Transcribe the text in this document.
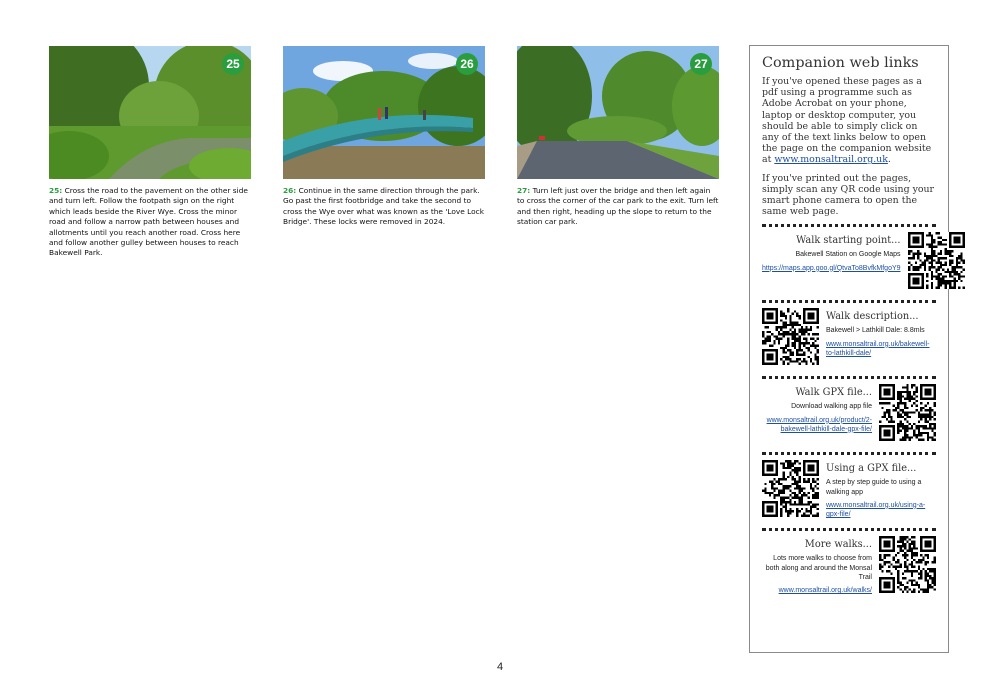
25
25: Cross the road to the pavement on the other side and turn left. Follow the footpath sign on the right which leads beside the River Wye. Cross the minor road and follow a narrow path between houses and allotments until you reach another road. Cross here and follow another gulley between houses to reach Bakewell Park.
26
26: Continue in the same direction through the park. Go past the first footbridge and take the second to cross the Wye over what was known as the 'Love Lock Bridge'. These locks were removed in 2024.
27
27: Turn left just over the bridge and then left again to cross the corner of the car park to the exit. Turn left and then right, heading up the slope to return to the station car park.
4
Companion web links

If you've opened these pages as a pdf using a programme such as Adobe Acrobat on your phone, laptop or desktop computer, you should be able to simply click on any of the text links below to open the page on the companion website at www.monsaltrail.org.uk.

If you've printed out the pages, simply scan any QR code using your smart phone camera to open the same web page.

Walk starting point...
Bakewell Station on Google Maps
https://maps.app.goo.gl/QtvaTo8BvfkMfgoY9
Walk description...
Bakewell > Lathkill Dale: 8.8mls
www.monsaltrail.org.uk/bakewell-to-lathkill-dale/
Walk GPX file...
Download walking app file
www.monsaltrail.org.uk/product/2-bakewell-lathkill-dale-gpx-file/
Using a GPX file...
A step by step guide to using a walking app
www.monsaltrail.org.uk/using-a-gpx-file/
More walks...
Lots more walks to choose from both along and around the Monsal Trail
www.monsaltrail.org.uk/walks/
